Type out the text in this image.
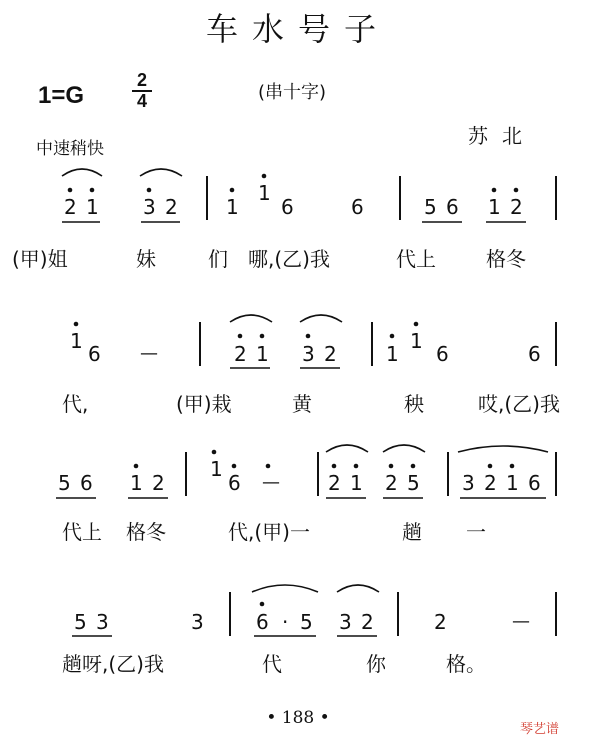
车水号子
1=G
2
4	(串十字)
中速稍快
苏北
2 1 3 2 1
1
6	6	5 6 1 2
1
6 —	2 1 3 2 1
1
6	6
5 6 1 2
1
6 — 2 1 2 5 3 2 1 6
5 3	3	6 · 5 3 2	2	—
(甲)姐	妹	们 哪,(乙)我	代上	格冬
代,	(甲)栽	黄	秧	哎,(乙)我
代上 格冬	代,(甲)一	趟 一
趟呀,(乙)我	代	你	格。
• 188 •
琴艺谱
